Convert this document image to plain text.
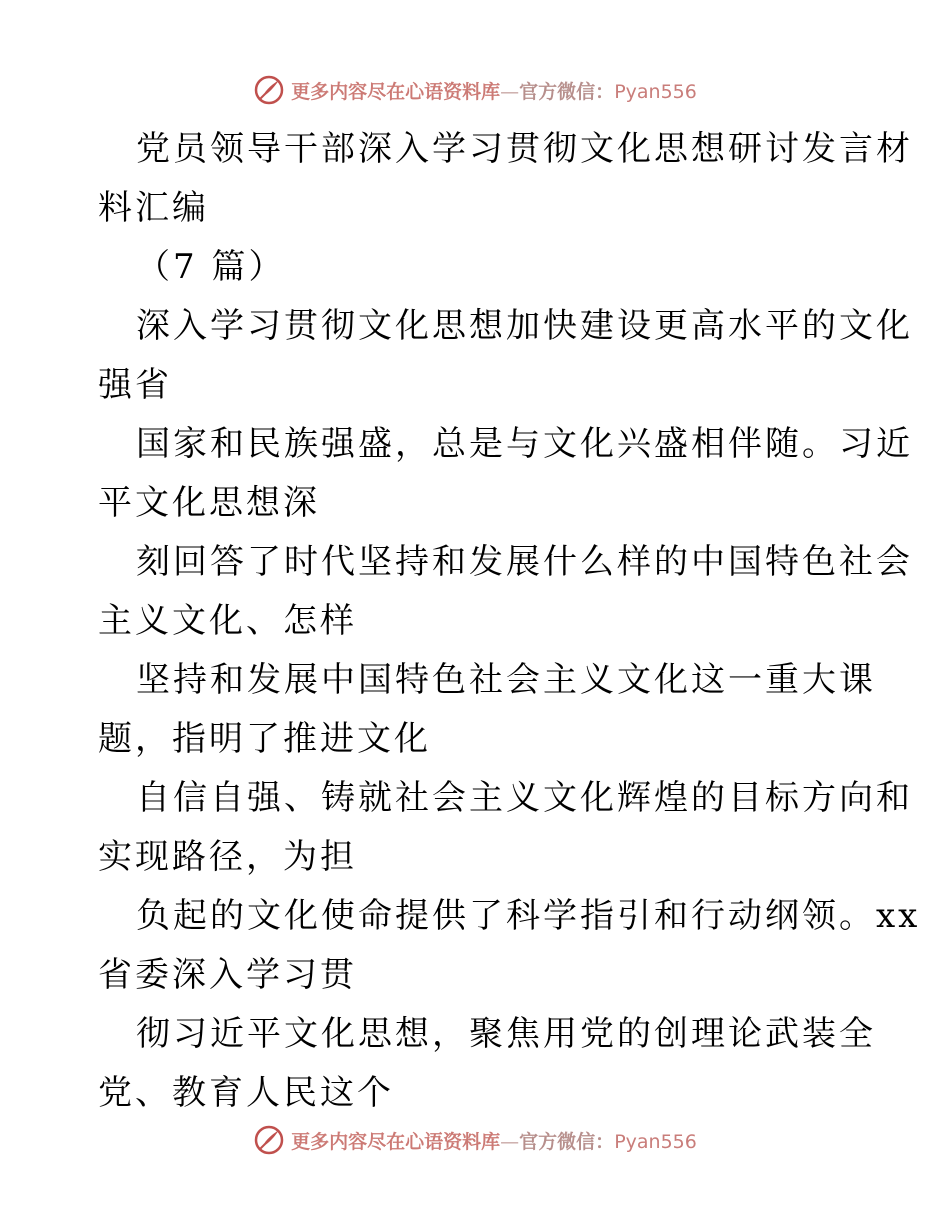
更多内容尽在心语资料库—官方微信：Pyan556
党员领导干部深入学习贯彻文化思想研讨发言材
料汇编
（7 篇）
深入学习贯彻文化思想加快建设更高水平的文化
强省
国家和民族强盛，总是与文化兴盛相伴随。习近
平文化思想深
刻回答了时代坚持和发展什么样的中国特色社会
主义文化、怎样
坚持和发展中国特色社会主义文化这一重大课
题，指明了推进文化
自信自强、铸就社会主义文化辉煌的目标方向和
实现路径，为担
负起的文化使命提供了科学指引和行动纲领。xx
省委深入学习贯
彻习近平文化思想，聚焦用党的创理论武装全
党、教育人民这个
更多内容尽在心语资料库—官方微信：Pyan556
